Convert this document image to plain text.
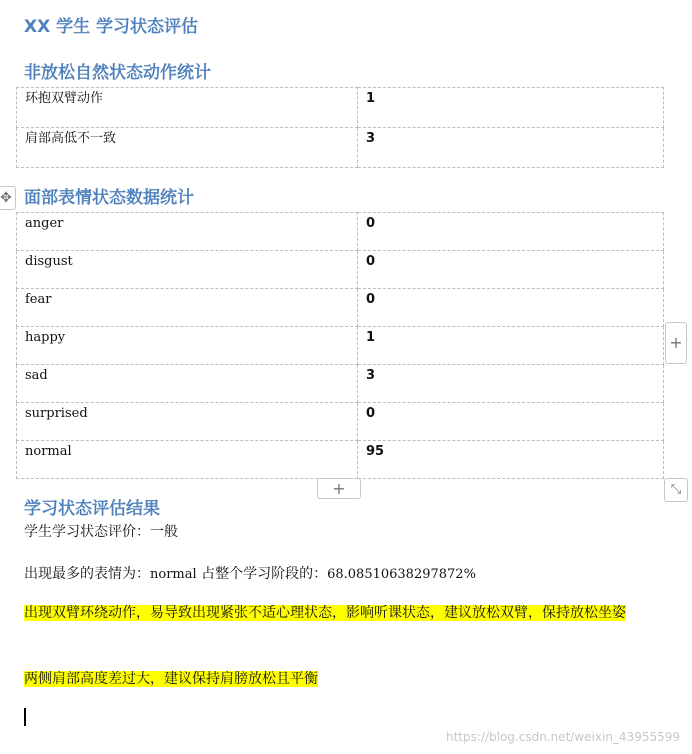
XX 学生 学习状态评估
非放松自然状态动作统计
环抱双臂动作	1
肩部高低不一致	3
✥ 面部表情状态数据统计
anger	0
disgust	0
fear	0
happy	1
sad	3
surprised	0
normal	95
+
+	⤡
学习状态评估结果

学生学习状态评价：一般

出现最多的表情为：normal 占整个学习阶段的：68.08510638297872%

出现双臂环绕动作，易导致出现紧张不适心理状态，影响听课状态，建议放松双臂，保持放松坐姿

两侧肩部高度差过大，建议保持肩膀放松且平衡

https://blog.csdn.net/weixin_43955599
